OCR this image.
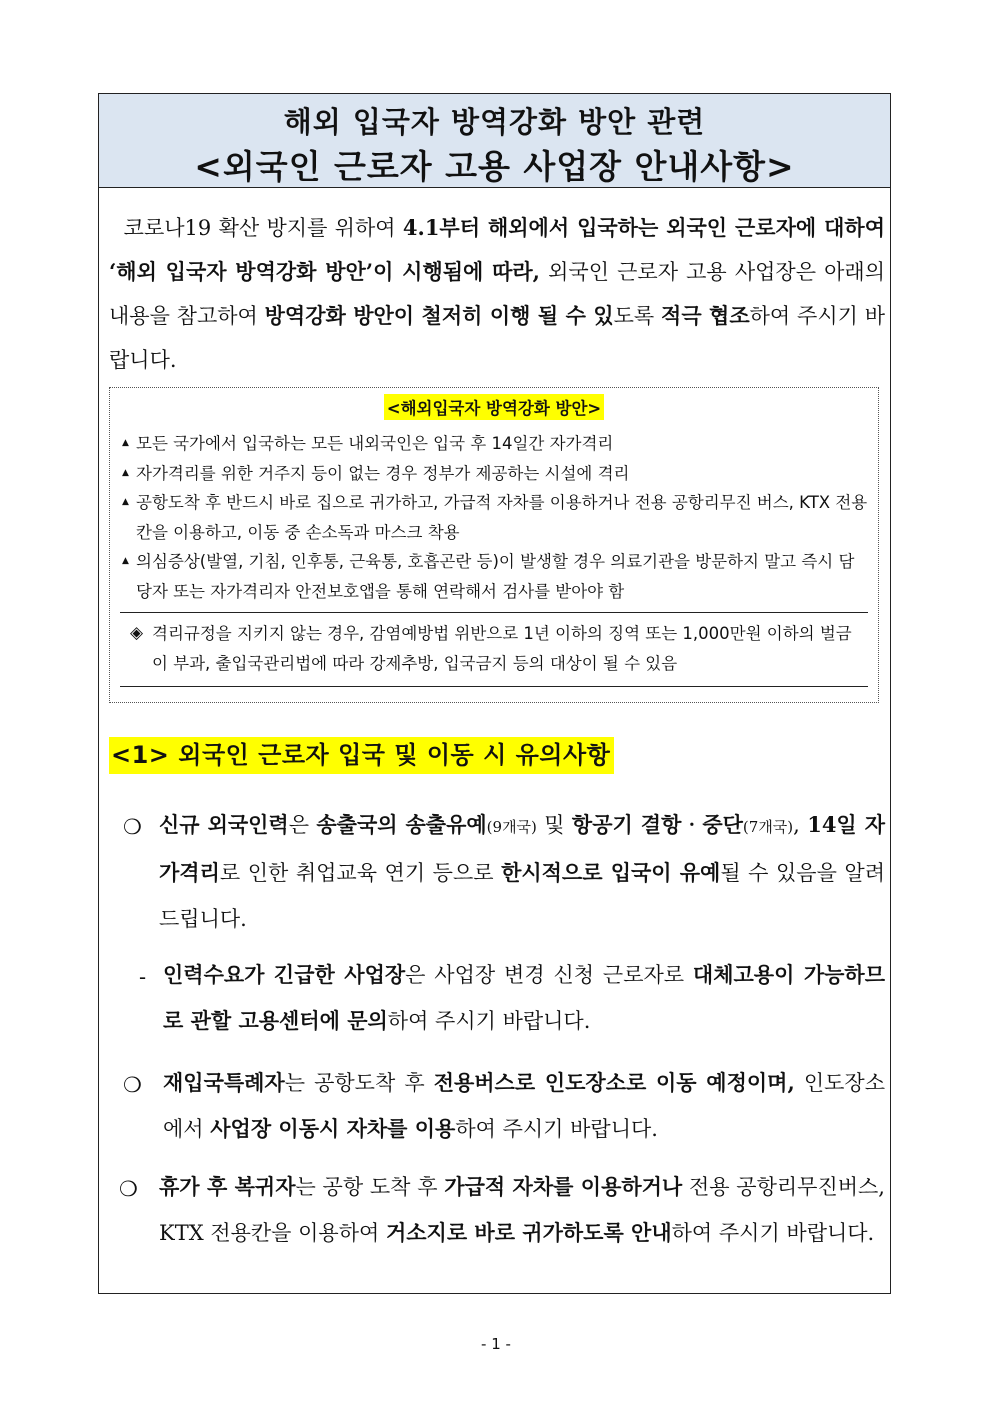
해외 입국자 방역강화 방안 관련
<외국인 근로자 고용 사업장 안내사항>

코로나19 확산 방지를 위하여 4.1부터 해외에서 입국하는 외국인 근로자에 대하여 ‘해외 입국자 방역강화 방안’이 시행됨에 따라, 외국인 근로자 고용 사업장은 아래의 내용을 참고하여 방역강화 방안이 철저히 이행 될 수 있도록 적극 협조하여 주시기 바랍니다.

<해외입국자 방역강화 방안>
▲ 모든 국가에서 입국하는 모든 내외국인은 입국 후 14일간 자가격리
▲ 자가격리를 위한 거주지 등이 없는 경우 정부가 제공하는 시설에 격리
▲ 공항도착 후 반드시 바로 집으로 귀가하고, 가급적 자차를 이용하거나 전용 공항리무진 버스, KTX 전용칸을 이용하고, 이동 중 손소독과 마스크 착용
▲ 의심증상(발열, 기침, 인후통, 근육통, 호흡곤란 등)이 발생할 경우 의료기관을 방문하지 말고 즉시 담당자 또는 자가격리자 안전보호앱을 통해 연락해서 검사를 받아야 함
◈ 격리규정을 지키지 않는 경우, 감염예방법 위반으로 1년 이하의 징역 또는 1,000만원 이하의 벌금이 부과, 출입국관리법에 따라 강제추방, 입국금지 등의 대상이 될 수 있음
<1> 외국인 근로자 입국 및 이동 시 유의사항
❍ 신규 외국인력은 송출국의 송출유예(9개국) 및 항공기 결항‧중단(7개국), 14일 자가격리로 인한 취업교육 연기 등으로 한시적으로 입국이 유예될 수 있음을 알려드립니다.
- 인력수요가 긴급한 사업장은 사업장 변경 신청 근로자로 대체고용이 가능하므로 관할 고용센터에 문의하여 주시기 바랍니다.
❍ 재입국특례자는 공항도착 후 전용버스로 인도장소로 이동 예정이며, 인도장소에서 사업장 이동시 자차를 이용하여 주시기 바랍니다.
❍ 휴가 후 복귀자는 공항 도착 후 가급적 자차를 이용하거나 전용 공항리무진버스, KTX 전용칸을 이용하여 거소지로 바로 귀가하도록 안내하여 주시기 바랍니다.
- 1 -
